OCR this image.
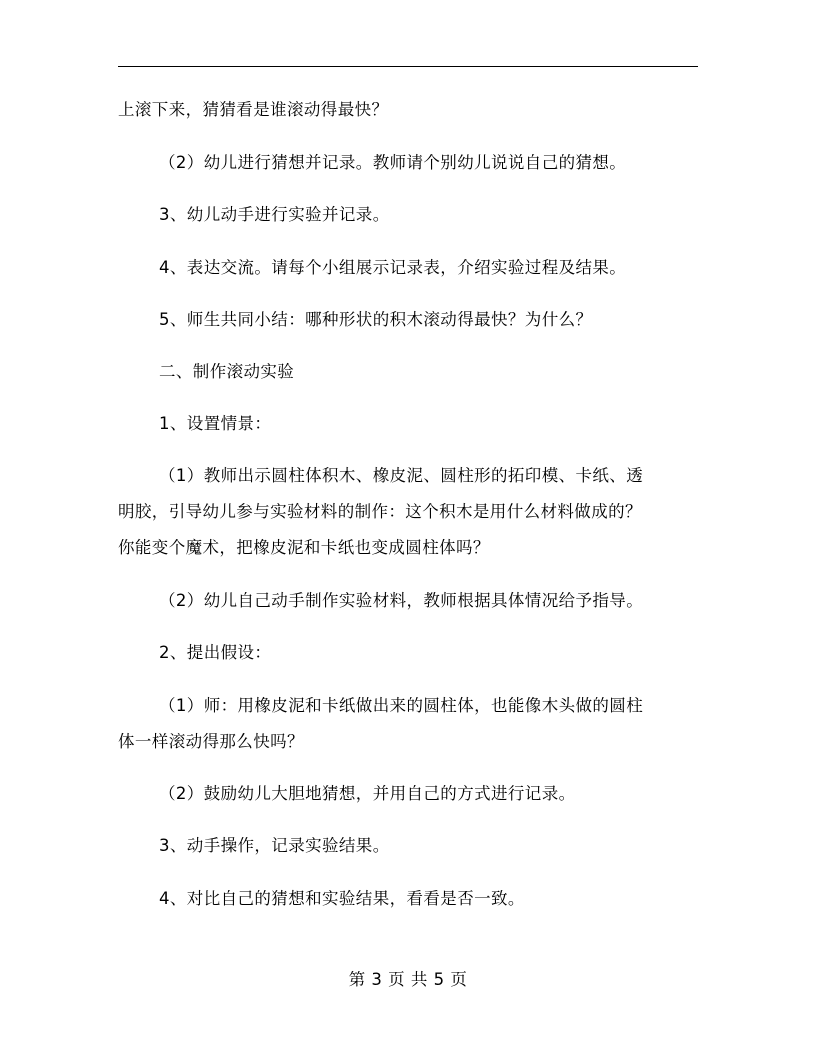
上滚下来，猜猜看是谁滚动得最快？
（2）幼儿进行猜想并记录。教师请个别幼儿说说自己的猜想。
3、幼儿动手进行实验并记录。
4、表达交流。请每个小组展示记录表，介绍实验过程及结果。
5、师生共同小结：哪种形状的积木滚动得最快？为什么？
二、制作滚动实验
1、设置情景：
（1）教师出示圆柱体积木、橡皮泥、圆柱形的拓印模、卡纸、透
明胶，引导幼儿参与实验材料的制作：这个积木是用什么材料做成的？
你能变个魔术，把橡皮泥和卡纸也变成圆柱体吗？
（2）幼儿自己动手制作实验材料，教师根据具体情况给予指导。
2、提出假设：
（1）师：用橡皮泥和卡纸做出来的圆柱体，也能像木头做的圆柱
体一样滚动得那么快吗？
（2）鼓励幼儿大胆地猜想，并用自己的方式进行记录。
3、动手操作，记录实验结果。
4、对比自己的猜想和实验结果，看看是否一致。
第 3 页 共 5 页
